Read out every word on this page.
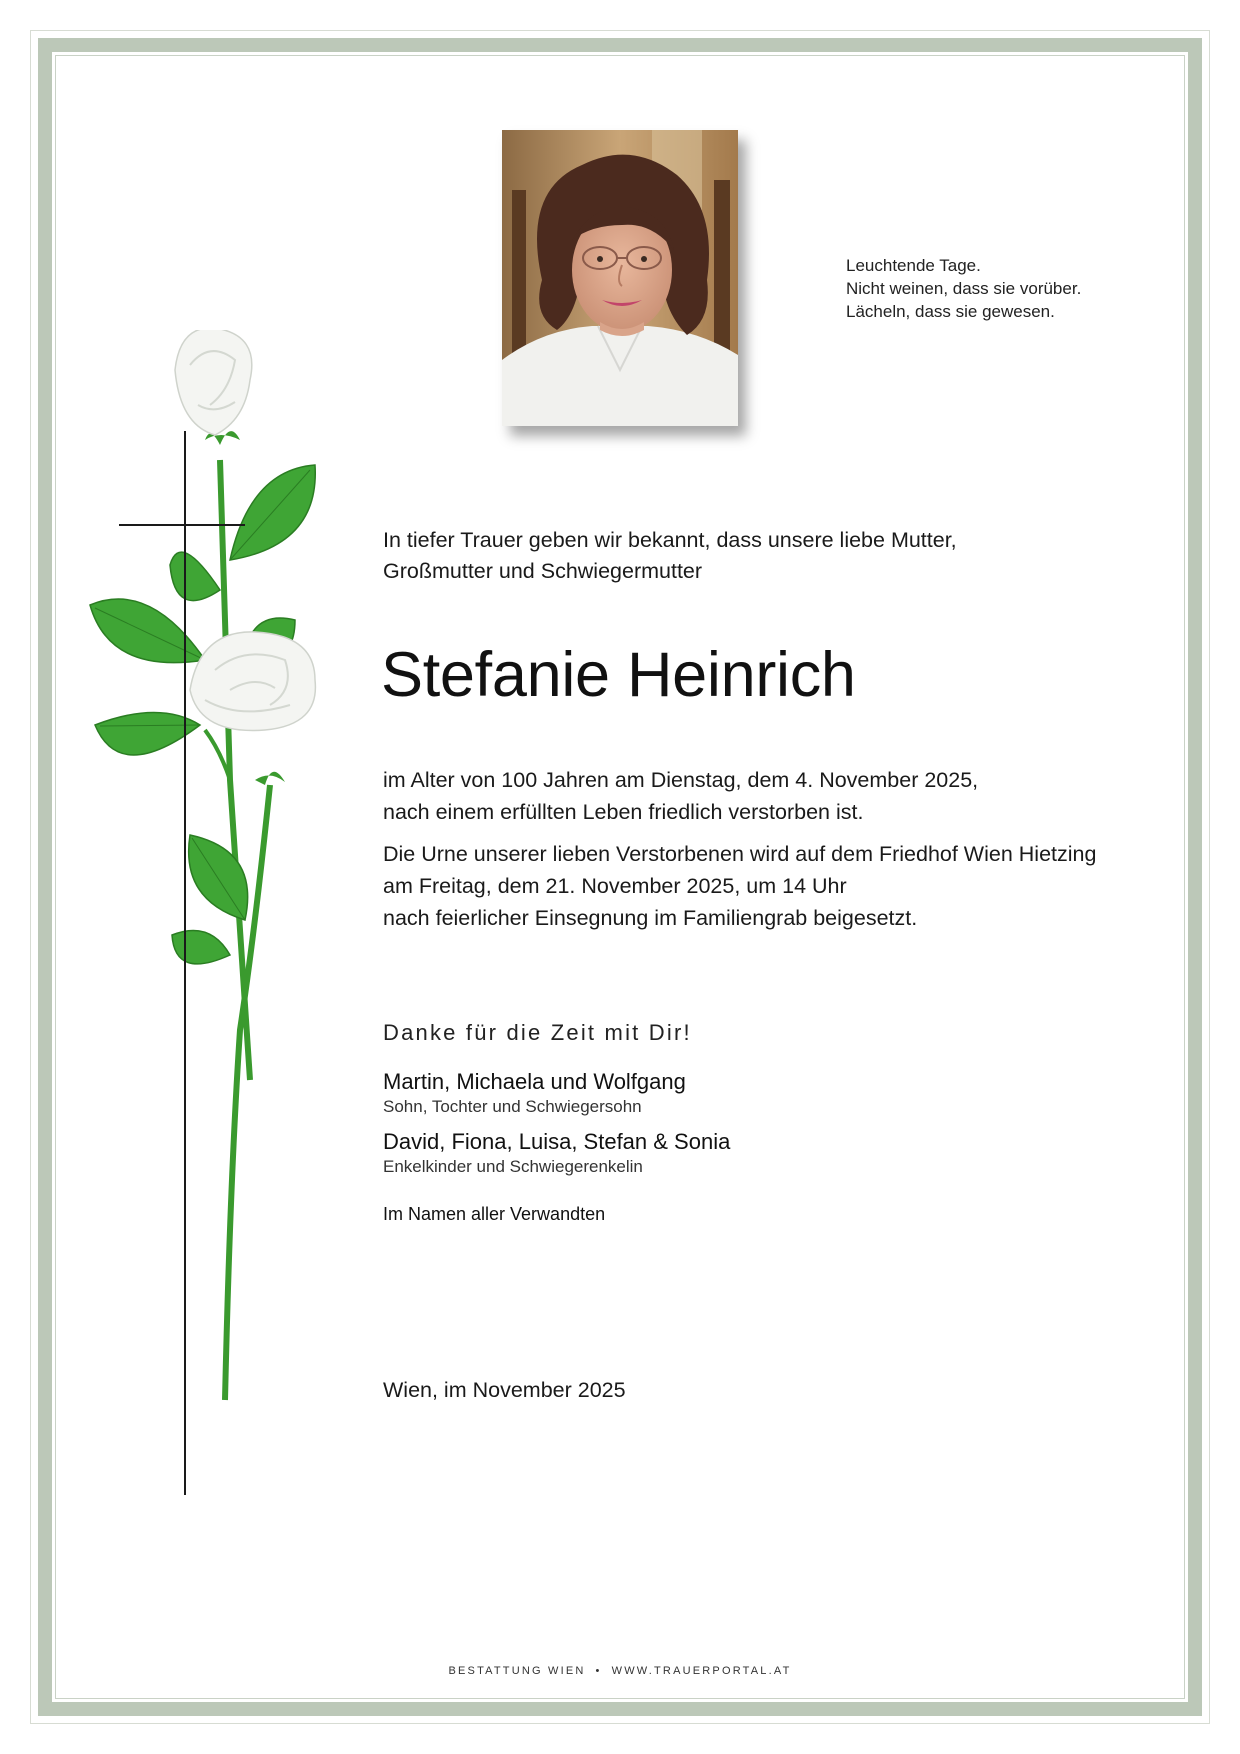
Leuchtende Tage.
Nicht weinen, dass sie vorüber.
Lächeln, dass sie gewesen.
In tiefer Trauer geben wir bekannt, dass unsere liebe Mutter,
Großmutter und Schwiegermutter
Stefanie Heinrich
im Alter von 100 Jahren am Dienstag, dem 4. November 2025,
nach einem erfüllten Leben friedlich verstorben ist.
Die Urne unserer lieben Verstorbenen wird auf dem Friedhof Wien Hietzing
am Freitag, dem 21. November 2025, um 14 Uhr
nach feierlicher Einsegnung im Familiengrab beigesetzt.
Danke für die Zeit mit Dir!
Martin, Michaela und Wolfgang
Sohn, Tochter und Schwiegersohn
David, Fiona, Luisa, Stefan & Sonia
Enkelkinder und Schwiegerenkelin
Im Namen aller Verwandten
Wien, im November 2025
BESTATTUNG WIEN • WWW.TRAUERPORTAL.AT
